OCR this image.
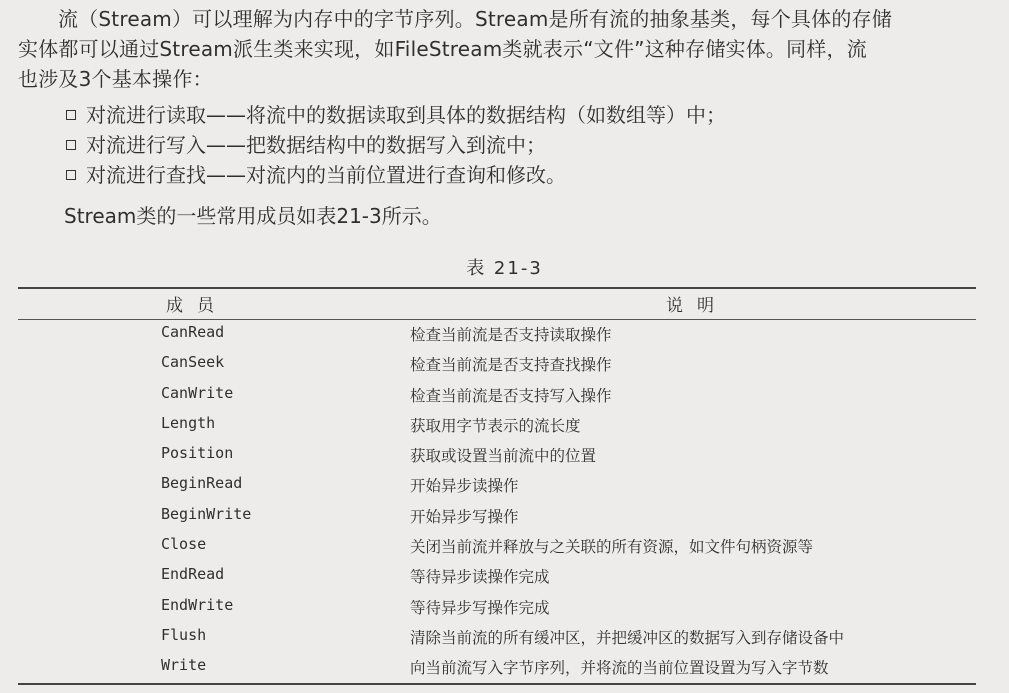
流（Stream）可以理解为内存中的字节序列。Stream是所有流的抽象基类，每个具体的存储
实体都可以通过Stream派生类来实现，如FileStream类就表示“文件”这种存储实体。同样，流
也涉及3个基本操作：
对流进行读取——将流中的数据读取到具体的数据结构（如数组等）中；
对流进行写入——把数据结构中的数据写入到流中；
对流进行查找——对流内的当前位置进行查询和修改。
Stream类的一些常用成员如表21-3所示。
表 21-3
成员	说明
CanRead	检查当前流是否支持读取操作
CanSeek	检查当前流是否支持查找操作
CanWrite	检查当前流是否支持写入操作
Length	获取用字节表示的流长度
Position	获取或设置当前流中的位置
BeginRead	开始异步读操作
BeginWrite	开始异步写操作
Close	关闭当前流并释放与之关联的所有资源，如文件句柄资源等
EndRead	等待异步读操作完成
EndWrite	等待异步写操作完成
Flush	清除当前流的所有缓冲区，并把缓冲区的数据写入到存储设备中
Write	向当前流写入字节序列，并将流的当前位置设置为写入字节数
